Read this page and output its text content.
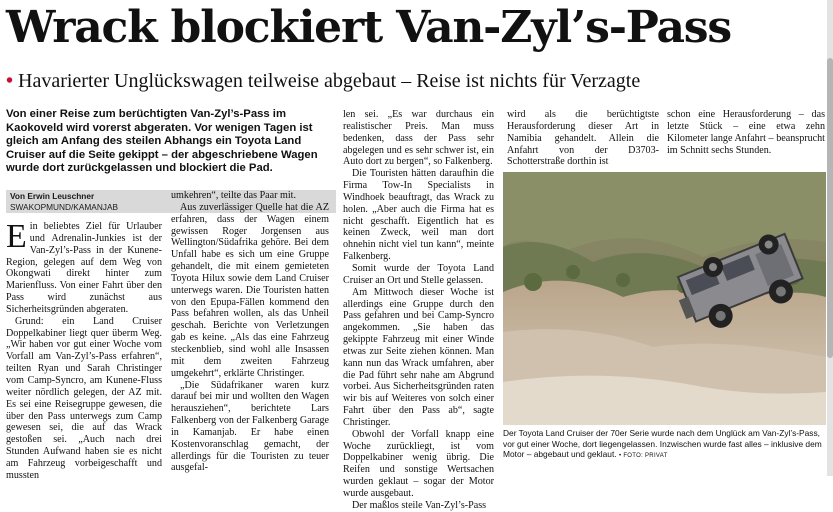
Wrack blockiert Van-Zyl’s-Pass
• Havarierter Unglückswagen teilweise abgebaut – Reise ist nichts für Verzagte
Von einer Reise zum berüchtigten Van-Zyl’s-Pass im Kaokoveld wird vorerst abgeraten. Vor wenigen Tagen ist gleich am Anfang des steilen Abhangs ein Toyota Land Cruiser auf die Seite gekippt – der abgeschriebene Wagen wurde dort zurückgelassen und blockiert die Pad.
Von Erwin Leuschner
SWAKOPMUND/KAMANJAB

Ein beliebtes Ziel für Urlauber und Adrenalin-Junkies ist der Van-Zyl’s-Pass in der Kunene-Region, gelegen auf dem Weg von Okongwati direkt hinter zum Marienfluss. Von einer Fahrt über den Pass wird zunächst aus Sicherheitsgründen abgeraten.

Grund: ein Land Cruiser Doppelkabiner liegt quer überm Weg. „Wir haben vor gut einer Woche vom Vorfall am Van-Zyl’s-Pass erfahren“, teilten Ryan und Sarah Christinger vom Camp-Syncro, am Kunene-Fluss weiter nördlich gelegen, der AZ mit. Es sei eine Reisegruppe gewesen, die über den Pass unterwegs zum Camp gewesen sei, die auf das Wrack gestoßen sei. „Auch nach drei Stunden Aufwand haben sie es nicht am Fahrzeug vorbeigeschafft und mussten

umkehren“, teilte das Paar mit.

Aus zuverlässiger Quelle hat die AZ erfahren, dass der Wagen einem gewissen Roger Jorgensen aus Wellington/Südafrika gehöre. Bei dem Unfall habe es sich um eine Gruppe gehandelt, die mit einem gemieteten Toyota Hilux sowie dem Land Cruiser unterwegs waren. Die Touristen hatten von den Epupa-Fällen kommend den Pass befahren wollen, als das Unheil geschah. Berichte von Verletzungen gab es keine. „Als das eine Fahrzeug steckenblieb, sind wohl alle Insassen mit dem zweiten Fahrzeug umgekehrt“, erklärte Christinger.

„Die Südafrikaner waren kurz darauf bei mir und wollten den Wagen herausziehen“, berichtete Lars Falkenberg von der Falkenberg Garage in Kamanjab. Er habe einen Kostenvoranschlag gemacht, der allerdings für die Touristen zu teuer ausgefal-

len sei. „Es war durchaus ein realistischer Preis. Man muss bedenken, dass der Pass sehr abgelegen und es sehr schwer ist, ein Auto dort zu bergen“, so Falkenberg.

Die Touristen hätten daraufhin die Firma Tow-In Specialists in Windhoek beauftragt, das Wrack zu holen. „Aber auch die Firma hat es nicht geschafft. Eigentlich hat es keinen Zweck, weil man dort ohnehin nicht viel tun kann“, meinte Falkenberg.

Somit wurde der Toyota Land Cruiser an Ort und Stelle gelassen.

Am Mittwoch dieser Woche ist allerdings eine Gruppe durch den Pass gefahren und bei Camp-Syncro angekommen. „Sie haben das gekippte Fahrzeug mit einer Winde etwas zur Seite ziehen können. Man kann nun das Wrack umfahren, aber die Pad führt sehr nahe am Abgrund vorbei. Aus Sicherheitsgründen raten wir bis auf Weiteres von solch einer Fahrt über den Pass ab“, sagte Christinger.

Obwohl der Vorfall knapp eine Woche zurückliegt, ist vom Doppelkabiner wenig übrig. Die Reifen und sonstige Wertsachen wurden geklaut – sogar der Motor wurde ausgebaut.

Der maßlos steile Van-Zyl’s-Pass

wird als die berüchtigtste Herausforderung dieser Art in Namibia gehandelt. Allein die Anfahrt von der D3703-Schotterstraße dorthin ist

schon eine Herausforderung – das letzte Stück – eine etwa zehn Kilometer lange Anfahrt – beansprucht im Schnitt sechs Stunden.

Der Toyota Land Cruiser der 70er Serie wurde nach dem Unglück am Van-Zyl’s-Pass, vor gut einer Woche, dort liegengelassen. Inzwischen wurde fast alles – inklusive dem Motor – abgebaut und geklaut. • FOTO: PRIVAT
